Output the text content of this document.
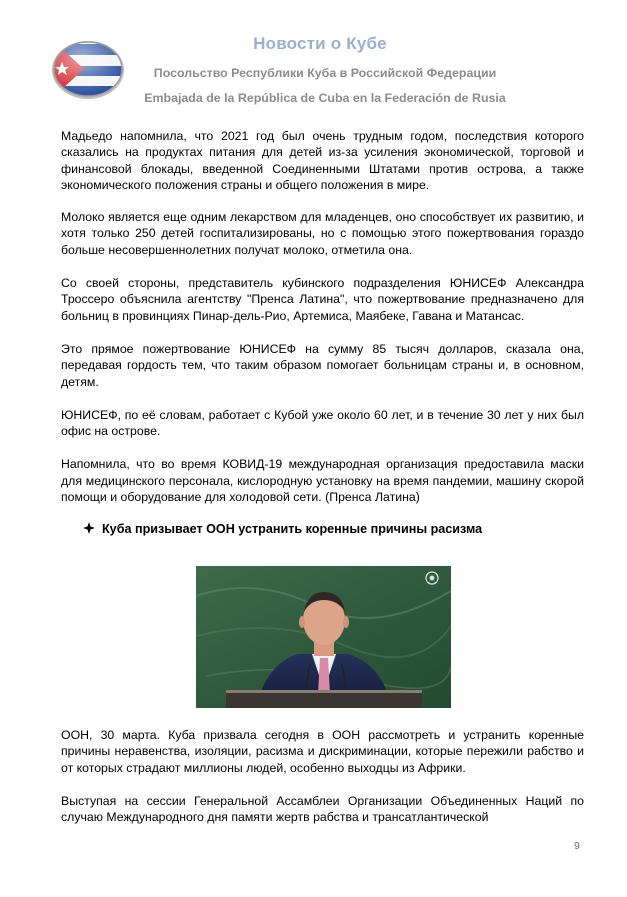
Новости о Кубе
Посольство Республики Куба в Российской Федерации
Embajada de la República de Cuba en la Federación de Rusia

Мадьедо напомнила, что 2021 год был очень трудным годом, последствия которого сказались на продуктах питания для детей из-за усиления экономической, торговой и финансовой блокады, введенной Соединенными Штатами против острова, а также экономического положения страны и общего положения в мире.

Молоко является еще одним лекарством для младенцев, оно способствует их развитию, и хотя только 250 детей госпитализированы, но с помощью этого пожертвования гораздо больше несовершеннолетних получат молоко, отметила она.

Со своей стороны, представитель кубинского подразделения ЮНИСЕФ Александра Троссеро объяснила агентству "Пренса Латина", что пожертвование предназначено для больниц в провинциях Пинар-дель-Рио, Артемиса, Маябеке, Гавана и Матансас.

Это прямое пожертвование ЮНИСЕФ на сумму 85 тысяч долларов, сказала она, передавая гордость тем, что таким образом помогает больницам страны и, в основном, детям.

ЮНИСЕФ, по её словам, работает с Кубой уже около 60 лет, и в течение 30 лет у них был офис на острове.

Напомнила, что во время КОВИД-19 международная организация предоставила маски для медицинского персонала, кислородную установку на время пандемии, машину скорой помощи и оборудование для холодовой сети. (Пренса Латина)

Куба призывает ООН устранить коренные причины расизма

ООН, 30 марта. Куба призвала сегодня в ООН рассмотреть и устранить коренные причины неравенства, изоляции, расизма и дискриминации, которые пережили рабство и от которых страдают миллионы людей, особенно выходцы из Африки.

Выступая на сессии Генеральной Ассамблеи Организации Объединенных Наций по случаю Международного дня памяти жертв рабства и трансатлантической

9
